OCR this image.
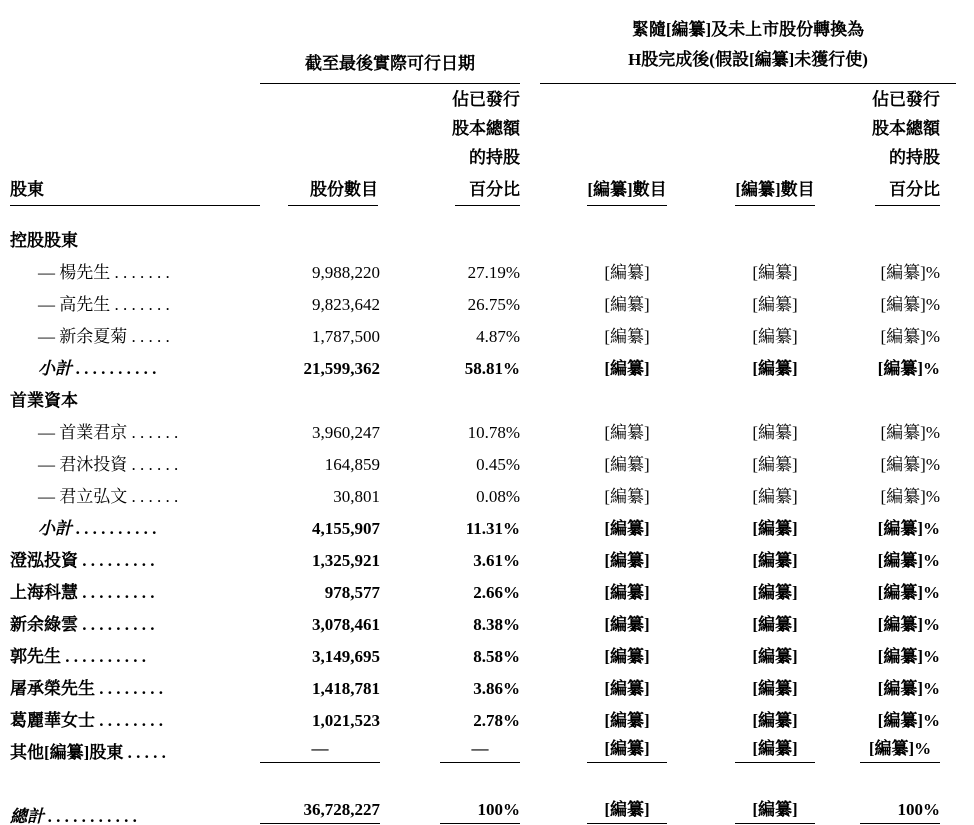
	截至最後實際可行日期		緊隨[編纂]及未上市股份轉換為
H股完成後(假設[編纂]未獲行使)		

佔已發行
股本總額
的持股

佔已發行
股本總額
的持股

股東	股份數目	百分比	[編纂]數目	[編纂]數目	百分比
控股股東					
— 楊先生 . . . . . . .	9,988,220	27.19%	[編纂]	[編纂]	[編纂]%
— 高先生 . . . . . . .	9,823,642	26.75%	[編纂]	[編纂]	[編纂]%
— 新余夏菊 . . . . .	1,787,500	4.87%	[編纂]	[編纂]	[編纂]%
小計 . . . . . . . . . .	21,599,362	58.81%	[編纂]	[編纂]	[編纂]%
首業資本					
— 首業君京 . . . . . .	3,960,247	10.78%	[編纂]	[編纂]	[編纂]%
— 君沐投資 . . . . . .	164,859	0.45%	[編纂]	[編纂]	[編纂]%
— 君立弘文 . . . . . .	30,801	0.08%	[編纂]	[編纂]	[編纂]%
小計 . . . . . . . . . .	4,155,907	11.31%	[編纂]	[編纂]	[編纂]%
澄泓投資 . . . . . . . . .	1,325,921	3.61%	[編纂]	[編纂]	[編纂]%
上海科慧 . . . . . . . . .	978,577	2.66%	[編纂]	[編纂]	[編纂]%
新余綠雲 . . . . . . . . .	3,078,461	8.38%	[編纂]	[編纂]	[編纂]%
郭先生 . . . . . . . . . .	3,149,695	8.58%	[編纂]	[編纂]	[編纂]%
屠承榮先生 . . . . . . . .	1,418,781	3.86%	[編纂]	[編纂]	[編纂]%
葛麗華女士 . . . . . . . .	1,021,523	2.78%	[編纂]	[編纂]	[編纂]%
其他[編纂]股東 . . . . .	—	—	[編纂]	[編纂]	[編纂]%

總計 . . . . . . . . . . .	36,728,227	100%	[編纂]	[編纂]	100%
